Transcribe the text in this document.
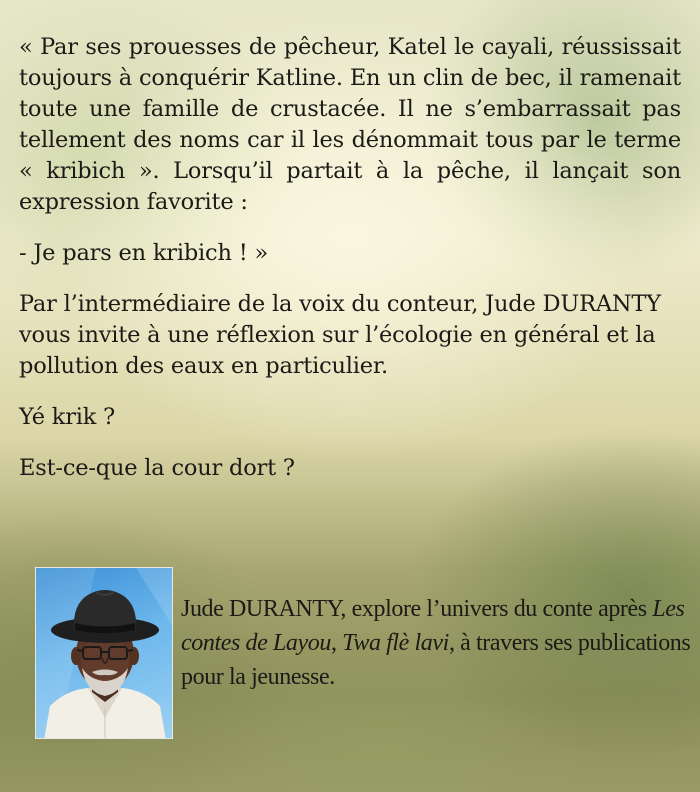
« Par ses prouesses de pêcheur, Katel le cayali, réussissait toujours à conquérir Katline. En un clin de bec, il ramenait toute une famille de crustacée. Il ne s’embarrassait pas tellement des noms car il les dénommait tous par le terme « kribich ». Lorsqu’il partait à la pêche, il lançait son expression favorite :

- Je pars en kribich ! »

Par l’intermédiaire de la voix du conteur, Jude DURANTY vous invite à une réflexion sur l’écologie en général et la pollution des eaux en particulier.

Yé krik ?

Est-ce-que la cour dort ?

Jude DURANTY, explore l’univers du conte après Les contes de Layou, Twa flè lavi, à travers ses publications pour la jeunesse.
